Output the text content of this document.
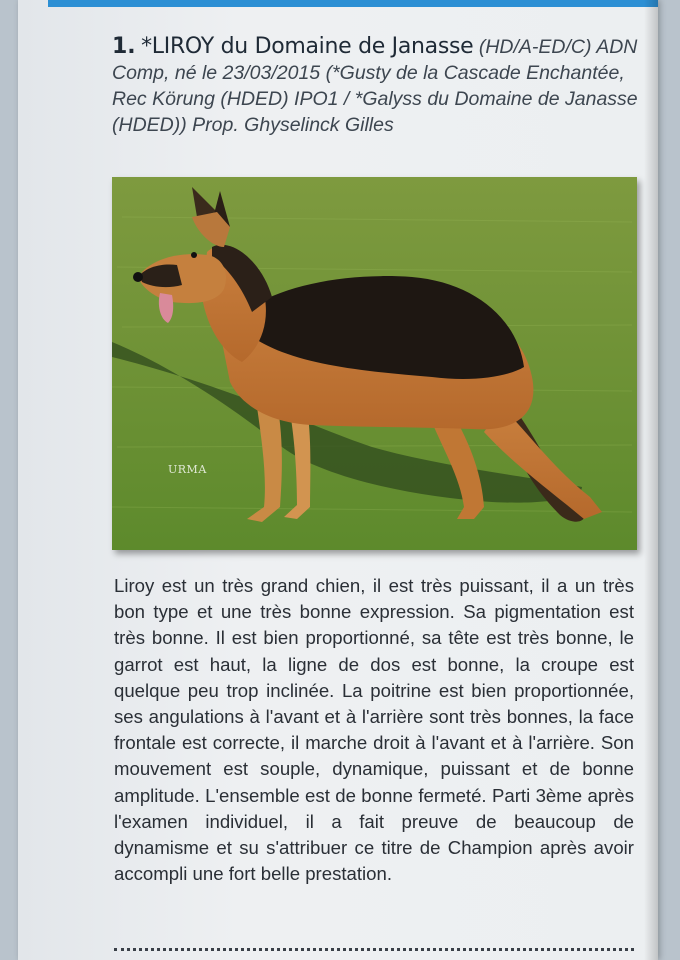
1. *LIROY du Domaine de Janasse (HD/A-ED/C) ADN Comp, né le 23/03/2015 (*Gusty de la Cascade Enchantée, Rec Körung (HDED) IPO1 / *Galyss du Domaine de Janasse (HDED)) Prop. Ghyselinck Gilles
URMA
Liroy est un très grand chien, il est très puissant, il a un très bon type et une très bonne expression. Sa pigmentation est très bonne. Il est bien proportionné, sa tête est très bonne, le garrot est haut, la ligne de dos est bonne, la croupe est quelque peu trop inclinée. La poitrine est bien proportionnée, ses angulations à l'avant et à l'arrière sont très bonnes, la face frontale est correcte, il marche droit à l'avant et à l'arrière. Son mouvement est souple, dynamique, puissant et de bonne amplitude. L'ensemble est de bonne fermeté. Parti 3ème après l'examen individuel, il a fait preuve de beaucoup de dynamisme et su s'attribuer ce titre de Champion après avoir accompli une fort belle prestation.
